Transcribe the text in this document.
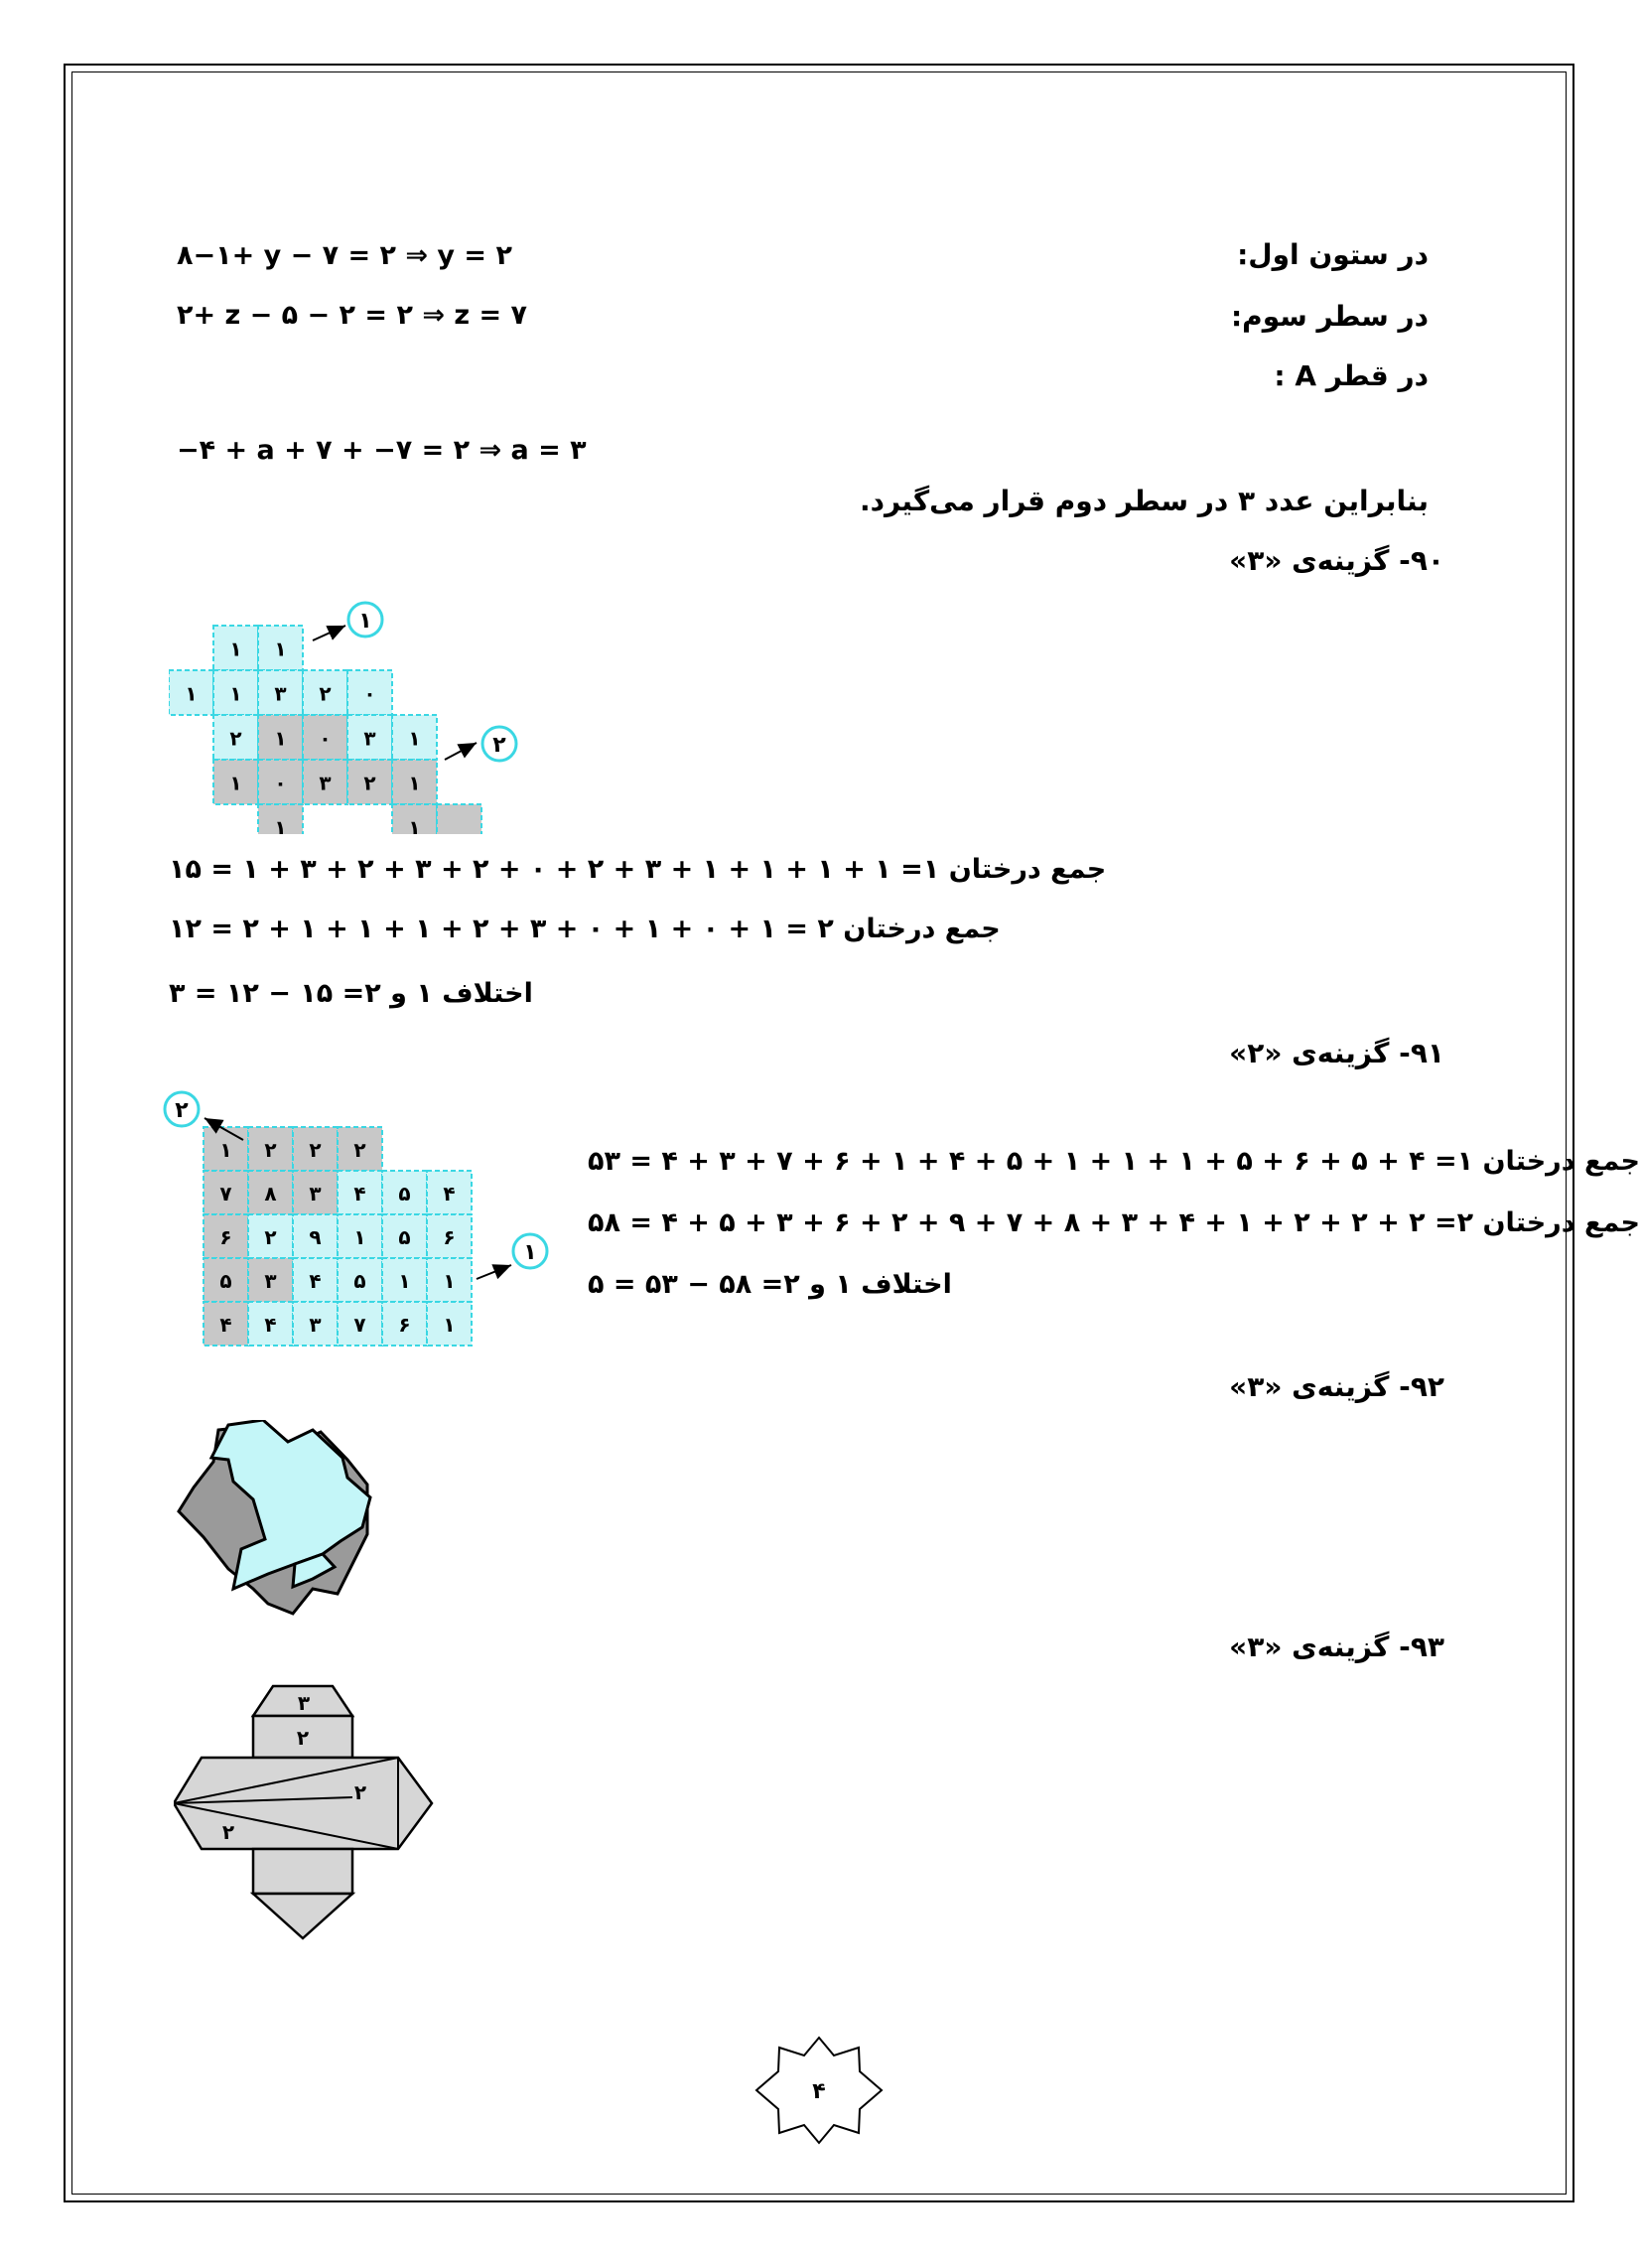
در ستون اول:
در سطر سوم:
در قطر A :
۸−۱+ y − ۷ = ۲ ⇒ y = ۲
۲+ z − ۵ − ۲ = ۲ ⇒ z = ۷
−۴ + a + ۷ + −۷ = ۲ ⇒ a = ۳
بنابراین عدد ۳ در سطر دوم قرار می‌گیرد.
۹۰- گزینه‌ی «۳»
۱ ۱
۱ ۱ ۳ ۲ ۰
۲ ۱ ۰ ۳ ۱
۱ ۰ ۳ ۲ ۱
۱	۱
۱
۲
۱۵ = ۱ + ۳ + ۲ + ۳ + ۲ + ۰ + ۲ + ۳ + ۱ + ۱ + ۱ + ۱ =جمع درختان ۱
۱۲ = ۲ + ۱ + ۱ + ۱ + ۲ + ۳ + ۰ + ۱ + ۰ + ۱ = جمع درختان ۲
۳ = ۱۲ − ۱۵ =اختلاف ۱ و ۲
۹۱- گزینه‌ی «۲»
۱ ۲ ۲ ۲
۷ ۸ ۳ ۴ ۵ ۴
۶ ۲ ۹ ۱ ۵ ۶
۵ ۳ ۴ ۵ ۱ ۱
۴ ۴ ۳ ۷ ۶ ۱
۲
۱
۵۳ = ۴ + ۳ + ۷ + ۶ + ۱ + ۴ + ۵ + ۱ + ۱ + ۱ + ۵ + ۶ + ۵ + ۴ =جمع درختان ۱
۵۸ = ۴ + ۵ + ۳ + ۶ + ۲ + ۹ + ۷ + ۸ + ۳ + ۴ + ۱ + ۲ + ۲ + ۲ =جمع درختان ۲
۵ = ۵۳ − ۵۸ =اختلاف ۱ و ۲
۹۲- گزینه‌ی «۳»
۹۳- گزینه‌ی «۳»
۳
۲
۲
۲
۴
